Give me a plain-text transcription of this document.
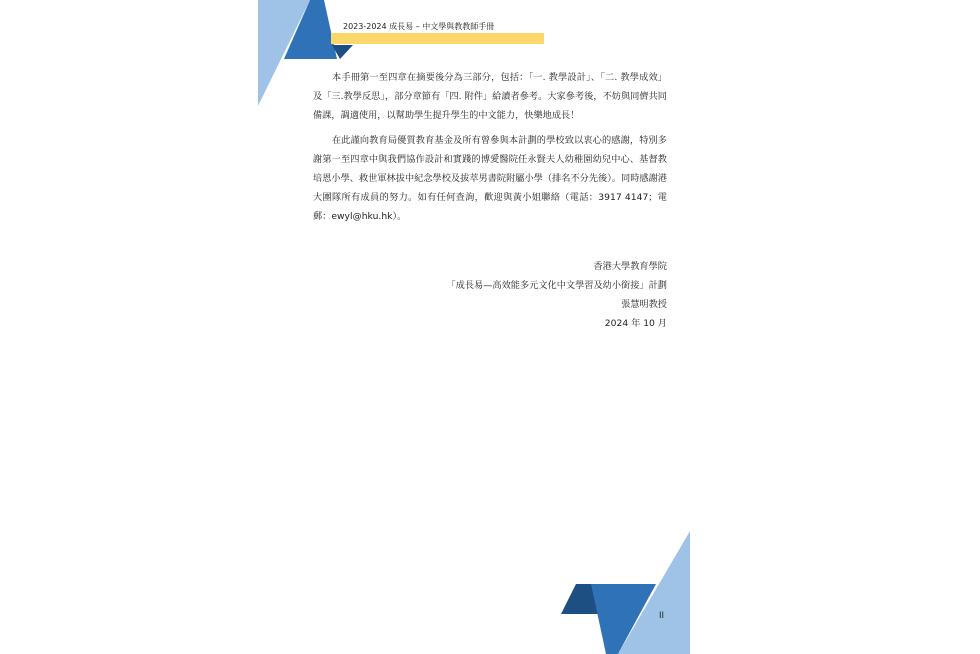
2023-2024 成長易 – 中文學與教教師手冊

本手冊第一至四章在摘要後分為三部分，包括：「一. 教學設計」、「二. 教學成效」及「三.教學反思」，部分章節有「四. 附件」給讀者參考。大家參考後，不妨與同儕共同備課，調適使用，以幫助學生提升學生的中文能力，快樂地成長！

在此謹向教育局優質教育基金及所有曾參與本計劃的學校致以衷心的感謝，特別多謝第一至四章中與我們協作設計和實踐的博愛醫院任永賢夫人幼稚園幼兒中心、基督教培恩小學、救世軍林拔中紀念學校及拔萃男書院附屬小學（排名不分先後）。同時感謝港大團隊所有成員的努力。如有任何查詢，歡迎與黃小姐聯絡（電話：3917 4147；電郵：ewyl@hku.hk）。

香港大學教育學院
「成長易—高效能多元文化中文學習及幼小銜接」計劃
張慧明教授
2024 年 10 月
II
